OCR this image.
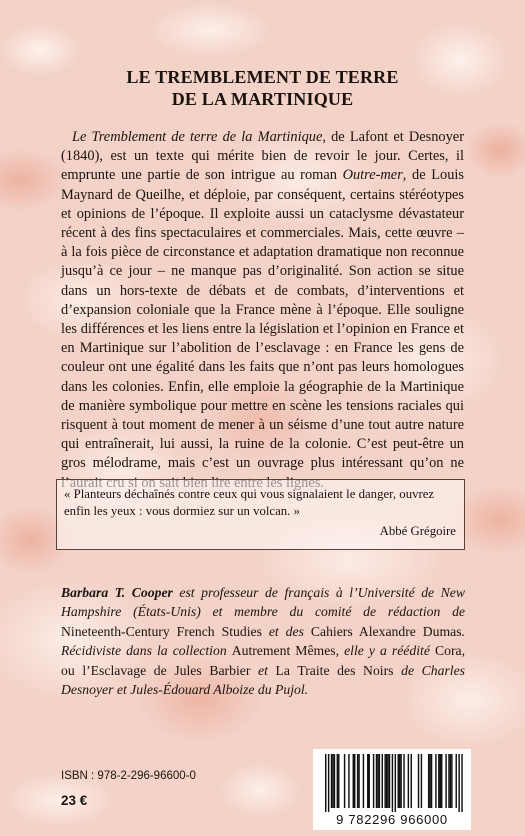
LE TREMBLEMENT DE TERRE
DE LA MARTINIQUE

Le Tremblement de terre de la Martinique, de Lafont et Desnoyer (1840), est un texte qui mérite bien de revoir le jour. Certes, il emprunte une partie de son intrigue au roman Outre-mer, de Louis Maynard de Queilhe, et déploie, par conséquent, certains stéréotypes et opinions de l’époque. Il exploite aussi un cataclysme dévastateur récent à des fins spectaculaires et commerciales. Mais, cette œuvre – à la fois pièce de circonstance et adaptation dramatique non reconnue jusqu’à ce jour – ne manque pas d’originalité. Son action se situe dans un hors-texte de débats et de combats, d’interventions et d’expansion coloniale que la France mène à l’époque. Elle souligne les différences et les liens entre la législation et l’opinion en France et en Martinique sur l’abolition de l’esclavage : en France les gens de couleur ont une égalité dans les faits que n’ont pas leurs homologues dans les colonies. Enfin, elle emploie la géographie de la Martinique de manière symbolique pour mettre en scène les tensions raciales qui risquent à tout moment de mener à un séisme d’une tout autre nature qui entraînerait, lui aussi, la ruine de la colonie. C’est peut-être un gros mélodrame, mais c’est un ouvrage plus intéressant qu’on ne

« Planteurs déchaînés contre ceux qui vous signalaient le danger, ouvrez enfin les yeux : vous dormiez sur un volcan. »
Abbé Grégoire
Barbara T. Cooper est professeur de français à l’Université de New Hampshire (États-Unis) et membre du comité de rédaction de Nineteenth-Century French Studies et des Cahiers Alexandre Dumas. Récidiviste dans la collection Autrement Mêmes, elle y a réédité Cora, ou l’Esclavage de Jules Barbier et La Traite des Noirs de Charles Desnoyer et Jules-Édouard Alboize du Pujol.
ISBN : 978-2-296-96600-0
23 €
9 782296 966000
